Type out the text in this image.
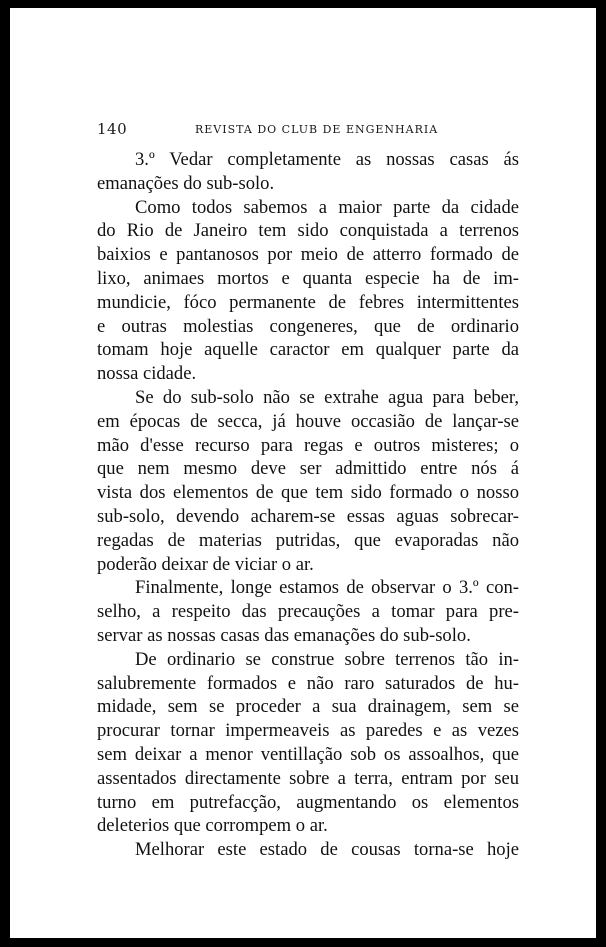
140	REVISTA DO CLUB DE ENGENHARIA
3.º Vedar completamente as nossas casas ás
emanações do sub-solo.
Como todos sabemos a maior parte da cidade
do Rio de Janeiro tem sido conquistada a terrenos
baixios e pantanosos por meio de atterro formado de
lixo, animaes mortos e quanta especie ha de im-
mundicie, fóco permanente de febres intermittentes
e outras molestias congeneres, que de ordinario
tomam hoje aquelle caractor em qualquer parte da
nossa cidade.
Se do sub-solo não se extrahe agua para beber,
em épocas de secca, já houve occasião de lançar-se
mão d'esse recurso para regas e outros misteres; o
que nem mesmo deve ser admittido entre nós á
vista dos elementos de que tem sido formado o nosso
sub-solo, devendo acharem-se essas aguas sobrecar-
regadas de materias putridas, que evaporadas não
poderão deixar de viciar o ar.
Finalmente, longe estamos de observar o 3.º con-
selho, a respeito das precauções a tomar para pre-
servar as nossas casas das emanações do sub-solo.
De ordinario se construe sobre terrenos tão in-
salubremente formados e não raro saturados de hu-
midade, sem se proceder a sua drainagem, sem se
procurar tornar impermeaveis as paredes e as vezes
sem deixar a menor ventillação sob os assoalhos, que
assentados directamente sobre a terra, entram por seu
turno em putrefacção, augmentando os elementos
deleterios que corrompem o ar.
Melhorar este estado de cousas torna-se hoje
